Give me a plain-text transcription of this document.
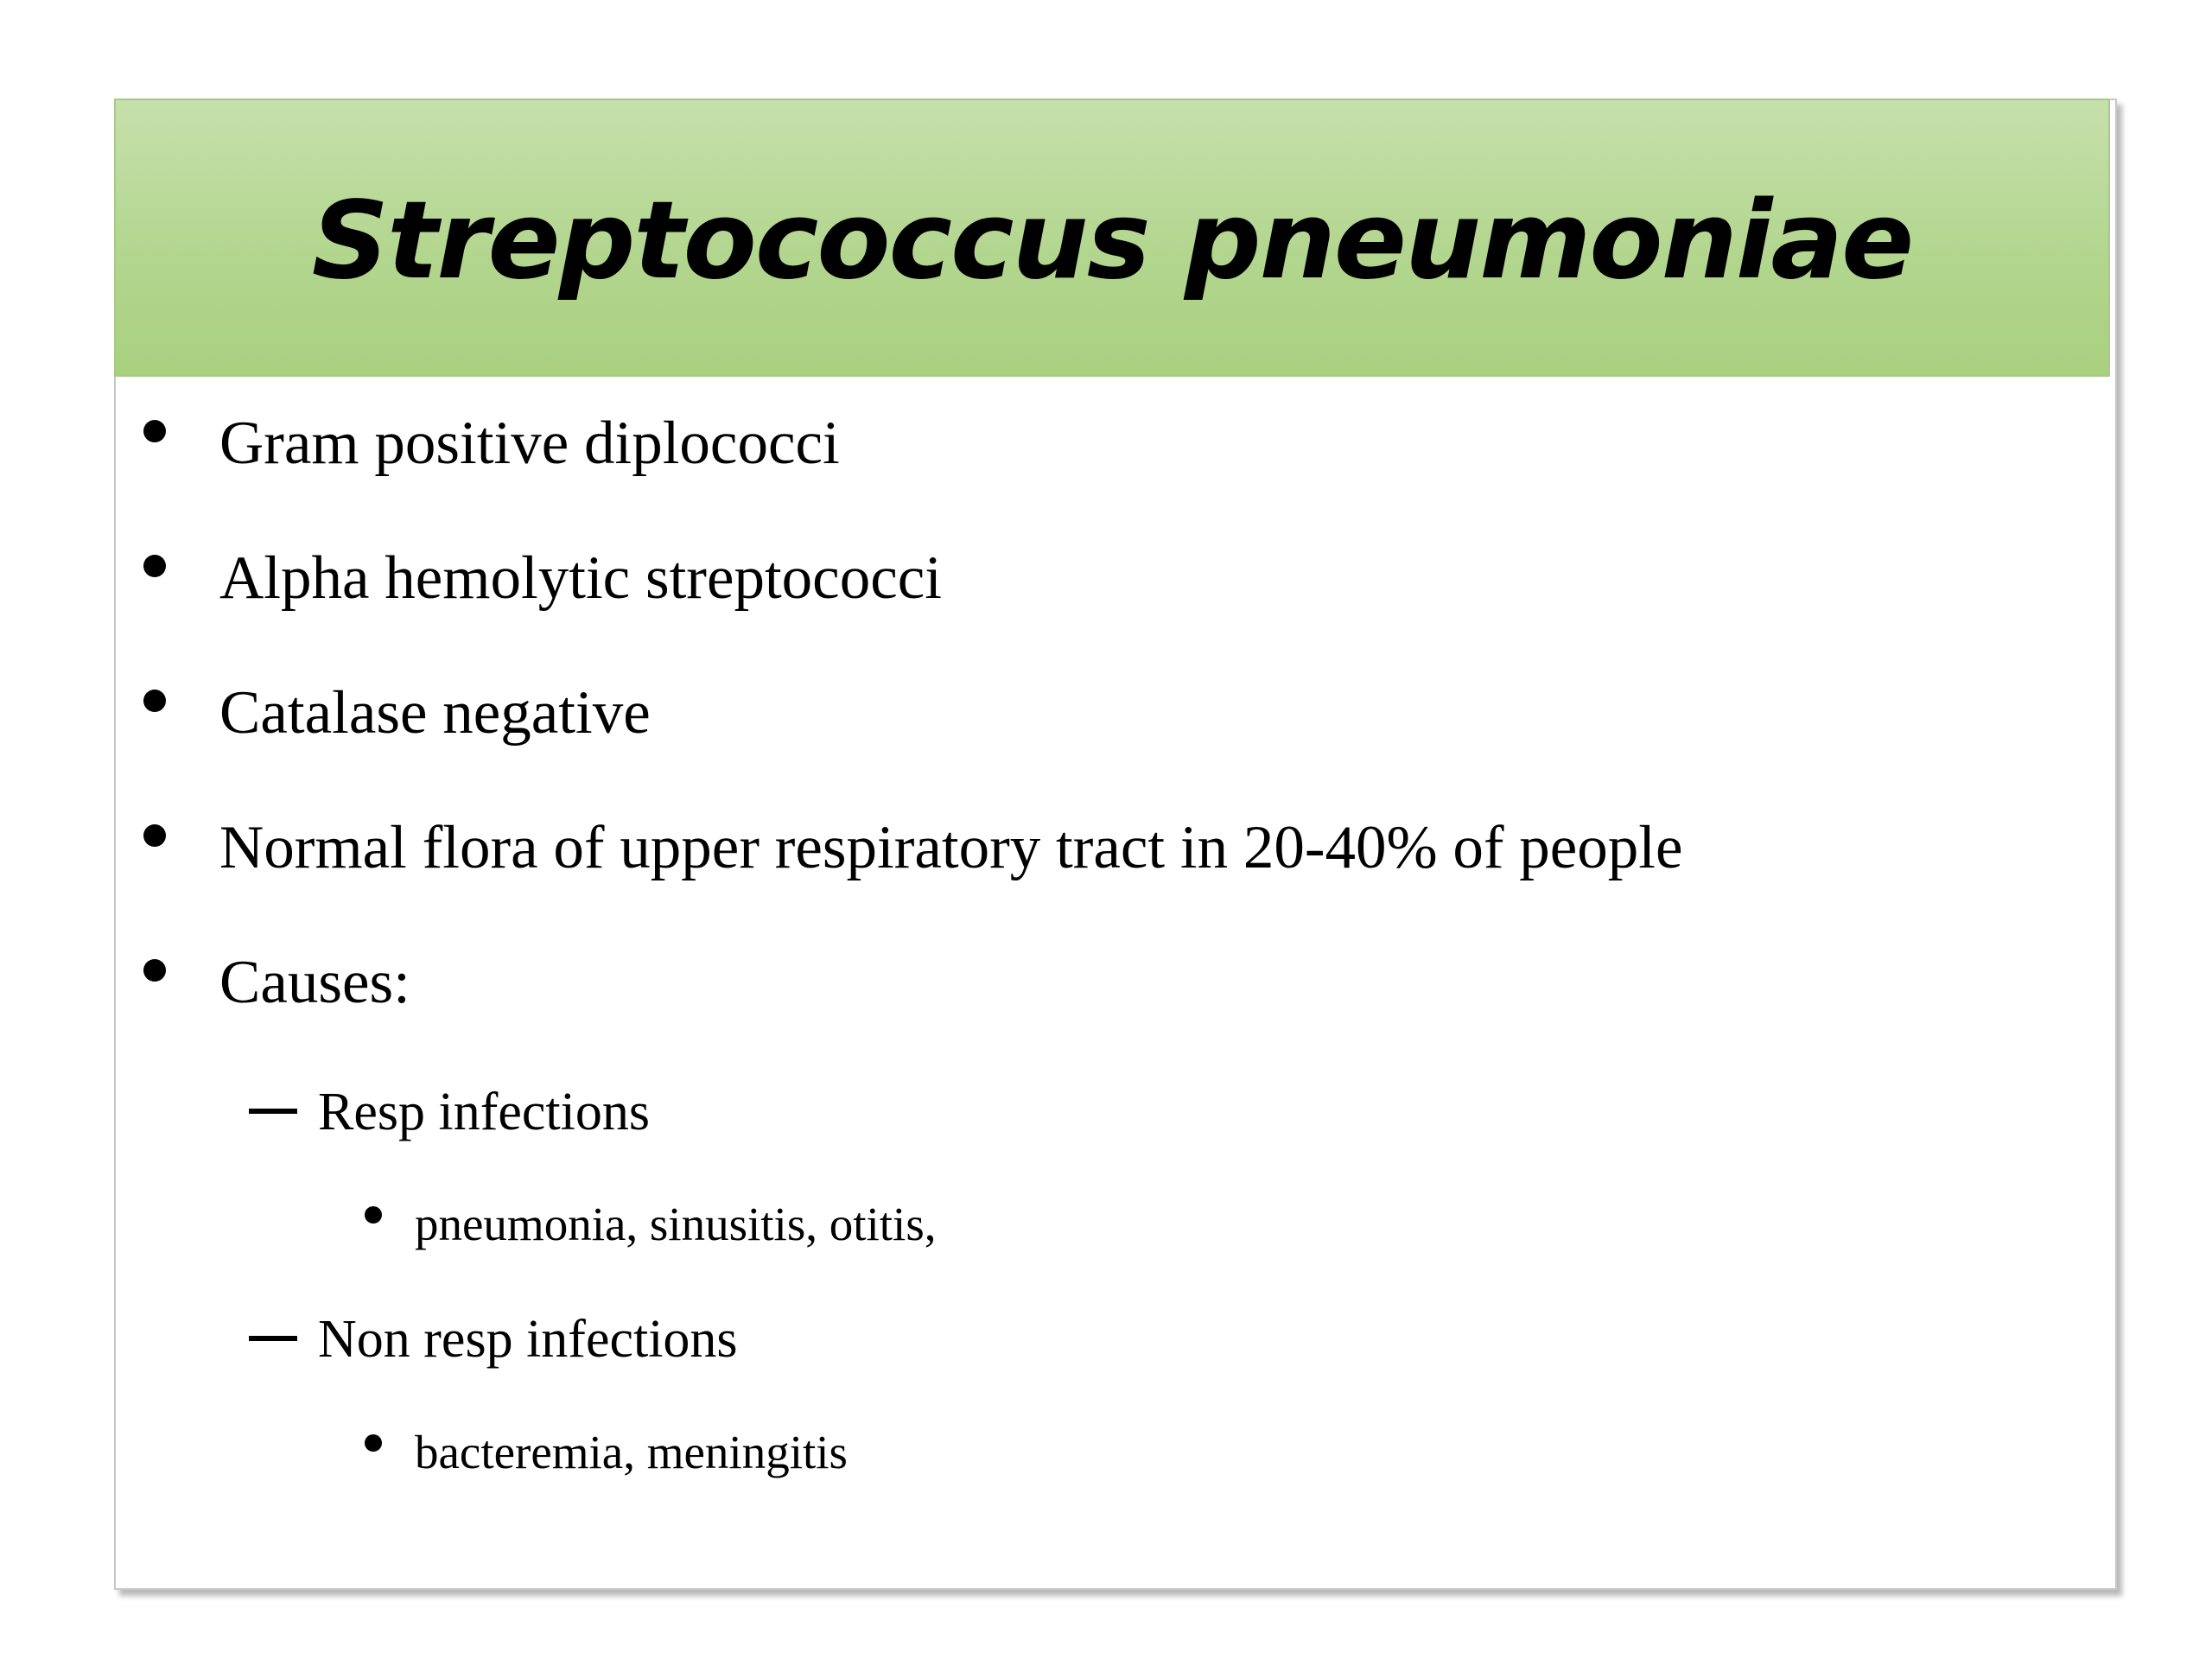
Streptococcus pneumoniae
Gram positive diplococci
Alpha hemolytic streptococci
Catalase negative
Normal flora of upper respiratory tract in 20-40% of people
Causes:
Resp infections
pneumonia, sinusitis, otitis,
Non resp infections
bacteremia, meningitis
